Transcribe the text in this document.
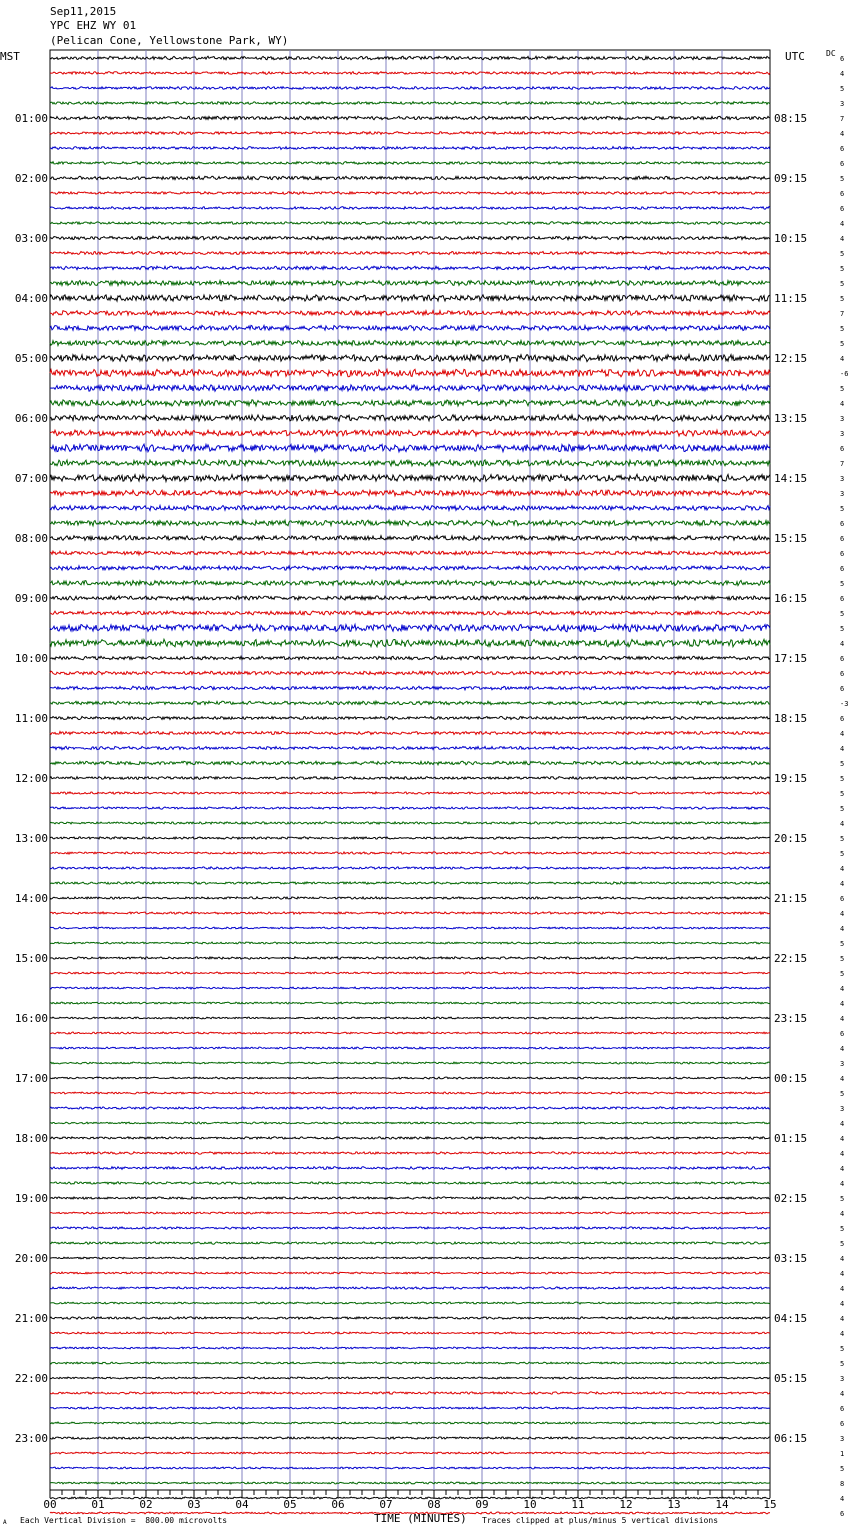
Sep11,2015
YPC EHZ WY 01
(Pelican Cone, Yellowstone Park, WY)
MST	UTC	DC
6
4
5
3
7
4
6
6
5
6
6
4
4
5
5
5
5
7
5
5
4
-6
5
4
3
3
6
7
3
3
5
6
6
6
6
5
6
5
5
4
6
6
6
-3
6
4
4
5
5
5
5
4
5
5
4
4
6
4
4
5
5
5
4
4
4
6
4
3
4
5
3
4
4
4
4
4
5
4
5
5
4
4
4
4
4
4
5
5
3
4
6
6
3
1
5
8
4
6
01:00	08:15
02:00	09:15
03:00	10:15
04:00	11:15
05:00	12:15
06:00	13:15
07:00	14:15
08:00	15:15
09:00	16:15
10:00	17:15
11:00	18:15
12:00	19:15
13:00	20:15
14:00	21:15
15:00	22:15
16:00	23:15
17:00	00:15
18:00	01:15
19:00	02:15
20:00	03:15
21:00	04:15
22:00	05:15
23:00	06:15
00	01	02	03	04	05	06	07	08	09	10	11	12	13	14	15
TIME (MINUTES)
Each Vertical Division =  800.00 microvolts	Traces clipped at plus/minus 5 vertical divisions
A
